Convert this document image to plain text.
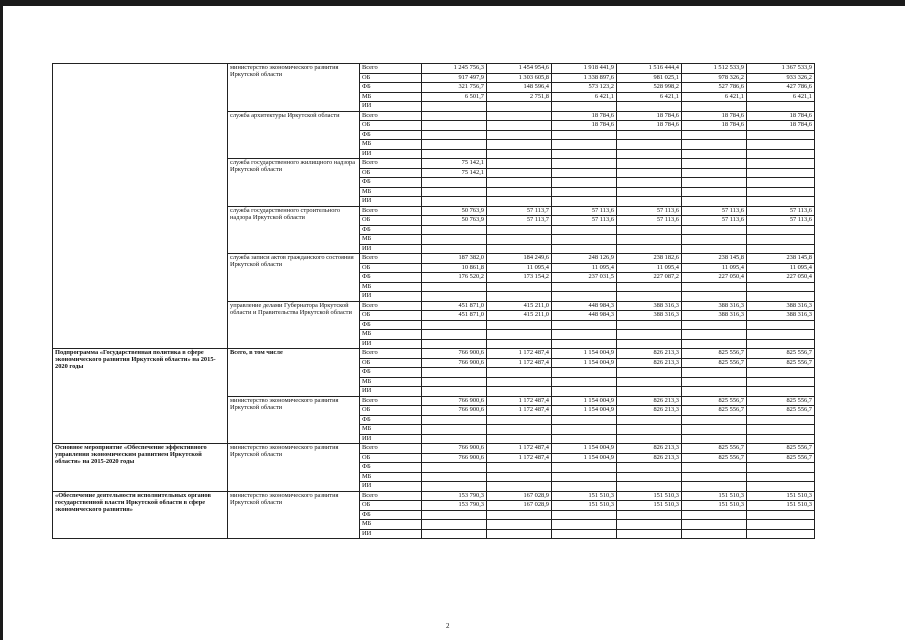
	министерство экономического развития Иркутской области	Всего	1 245 756,3	1 454 954,6	1 918 441,9	1 516 444,4	1 512 533,9	1 367 533,9
		ОБ	917 497,9	1 303 605,8	1 338 897,6	981 025,1	978 326,2	933 326,2
		ФБ	321 756,7	148 596,4	573 123,2	528 998,2	527 786,6	427 786,6
		МБ	6 501,7	2 751,8	6 421,1	6 421,1	6 421,1	6 421,1
		ИИ						
	служба архитектуры Иркутской области	Всего			18 784,6	18 784,6	18 784,6	18 784,6
		ОБ			18 784,6	18 784,6	18 784,6	18 784,6
		ФБ						
		МБ						
		ИИ						
	служба государственного жилищного надзора Иркутской области	Всего	75 142,1					
		ОБ	75 142,1					
		ФБ						
		МБ						
		ИИ						
	служба государственного строительного надзора Иркутской области	Всего	50 763,9	57 113,7	57 113,6	57 113,6	57 113,6	57 113,6
		ОБ	50 763,9	57 113,7	57 113,6	57 113,6	57 113,6	57 113,6
		ФБ						
		МБ						
		ИИ						
	служба записи актов гражданского состояния Иркутской области	Всего	187 382,0	184 249,6	248 126,9	238 182,6	238 145,8	238 145,8
		ОБ	10 861,8	11 095,4	11 095,4	11 095,4	11 095,4	11 095,4
		ФБ	176 520,2	173 154,2	237 031,5	227 087,2	227 050,4	227 050,4
		МБ						
		ИИ						
	управление делами Губернатора Иркутской области и Правительства Иркутской области	Всего	451 871,0	415 211,0	448 984,3	388 316,3	388 316,3	388 316,3
		ОБ	451 871,0	415 211,0	448 984,3	388 316,3	388 316,3	388 316,3
		ФБ						
		МБ						
		ИИ						
Подпрограмма «Государственная политика в сфере экономического развития Иркутской области» на 2015-2020 годы	Всего, в том числе	Всего	766 900,6	1 172 487,4	1 154 004,9	826 213,3	825 556,7	825 556,7
		ОБ	766 900,6	1 172 487,4	1 154 004,9	826 213,3	825 556,7	825 556,7
		ФБ						
		МБ						
		ИИ						
	министерство экономического развития Иркутской области	Всего	766 900,6	1 172 487,4	1 154 004,9	826 213,3	825 556,7	825 556,7
		ОБ	766 900,6	1 172 487,4	1 154 004,9	826 213,3	825 556,7	825 556,7
		ФБ						
		МБ						
		ИИ						
Основное мероприятие «Обеспечение эффективного управления экономическим развитием Иркутской области» на 2015-2020 годы	министерство экономического развития Иркутской области	Всего	766 900,6	1 172 487,4	1 154 004,9	826 213,3	825 556,7	825 556,7
		ОБ	766 900,6	1 172 487,4	1 154 004,9	826 213,3	825 556,7	825 556,7
		ФБ						
		МБ						
		ИИ						
«Обеспечение деятельности исполнительных органов государственной власти Иркутской области в сфере экономического развития»	министерство экономического развития Иркутской области	Всего	153 790,3	167 028,9	151 510,3	151 510,3	151 510,3	151 510,3
		ОБ	153 790,3	167 028,9	151 510,3	151 510,3	151 510,3	151 510,3
		ФБ						
		МБ						
		ИИ						
2
